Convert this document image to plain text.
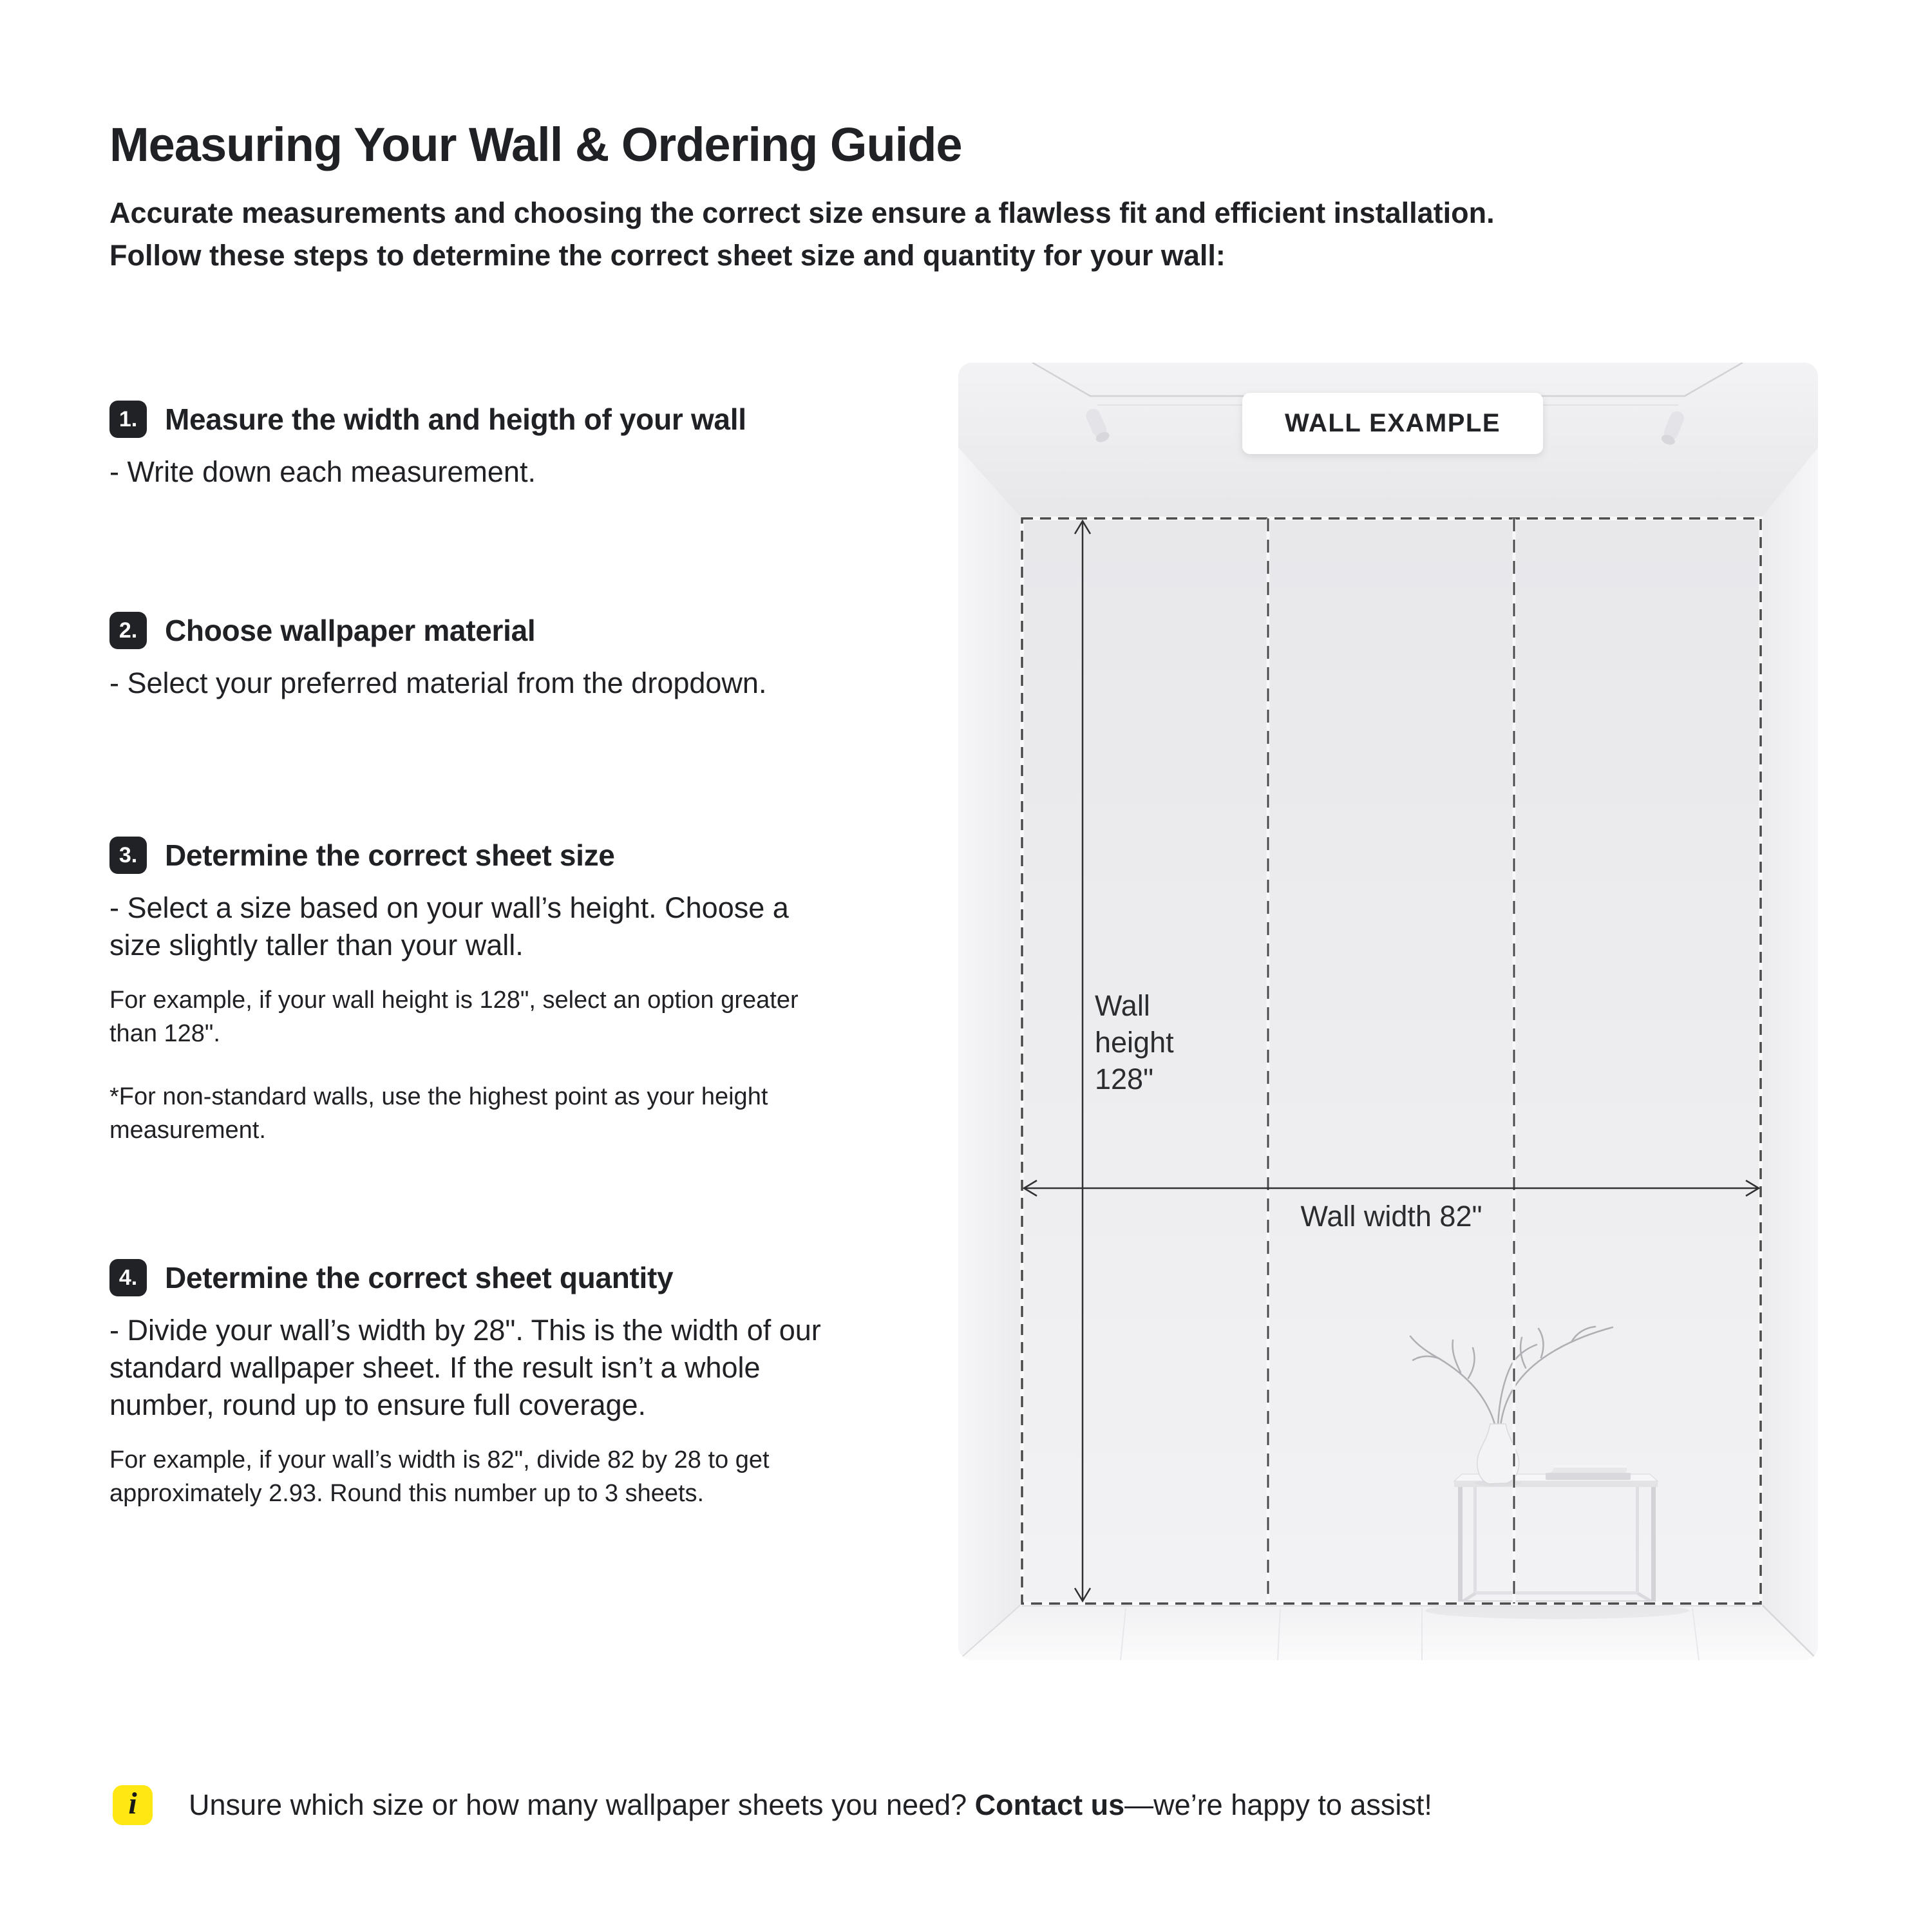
Measuring Your Wall & Ordering Guide
Accurate measurements and choosing the correct size ensure a flawless fit and efficient installation.
Follow these steps to determine the correct sheet size and quantity for your wall:
1. Measure the width and heigth of your wall
- Write down each measurement.
2. Choose wallpaper material
- Select your preferred material from the dropdown.
3. Determine the correct sheet size
- Select a size based on your wall’s height. Choose a
size slightly taller than your wall.
For example, if your wall height is 128", select an option greater
than 128".
*For non-standard walls, use the highest point as your height
measurement.
4. Determine the correct sheet quantity
- Divide your wall’s width by 28". This is the width of our
standard wallpaper sheet. If the result isn’t a whole
number, round up to ensure full coverage.
For example, if your wall’s width is 82", divide 82 by 28 to get
approximately 2.93. Round this number up to 3 sheets.
WALL EXAMPLE
Wall height 128"
Wall width 82"
i Unsure which size or how many wallpaper sheets you need? Contact us—we’re happy to assist!
